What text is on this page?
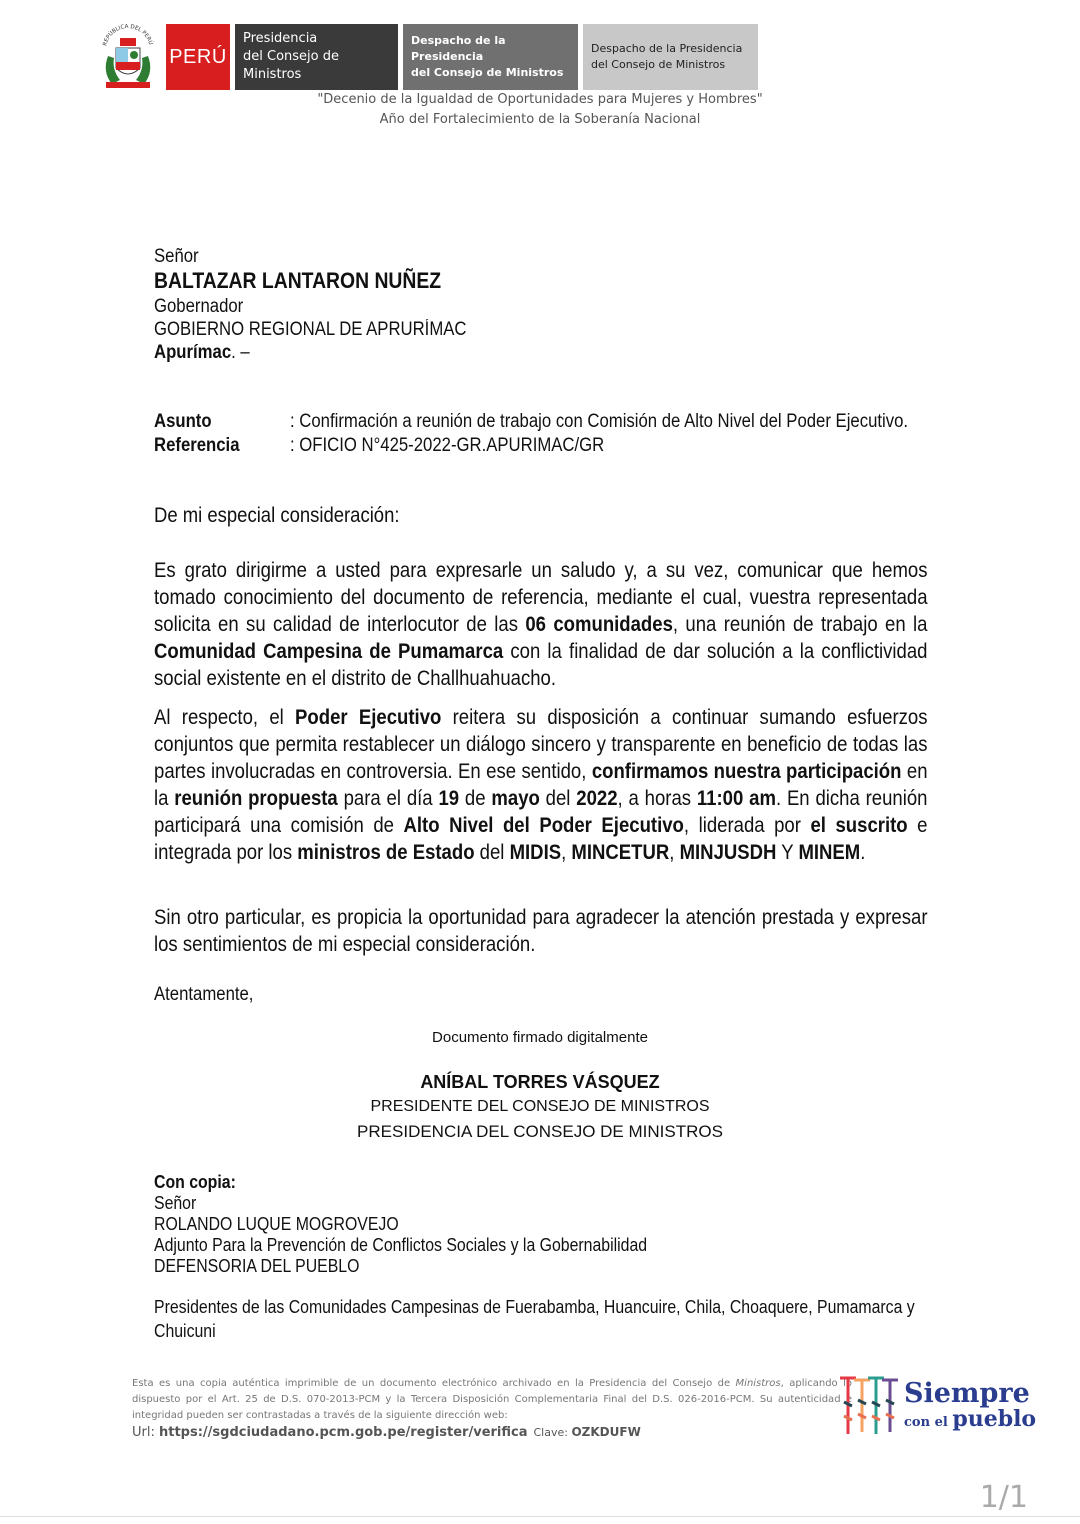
REPÚBLICA DEL PERÚ
PERÚ
Presidencia
del Consejo de Ministros
Despacho de la Presidencia
del Consejo de Ministros
Despacho de la Presidencia
del Consejo de Ministros
"Decenio de la Igualdad de Oportunidades para Mujeres y Hombres"
Año del Fortalecimiento de la Soberanía Nacional
Señor
BALTAZAR LANTARON NUÑEZ
Gobernador
GOBIERNO REGIONAL DE APRURÍMAC
Apurímac. –
Asunto	: Confirmación a reunión de trabajo con Comisión de Alto Nivel del Poder Ejecutivo.
Referencia	: OFICIO N°425-2022-GR.APURIMAC/GR
De mi especial consideración:
Es grato dirigirme a usted para expresarle un saludo y, a su vez, comunicar que hemos tomado conocimiento del documento de referencia, mediante el cual, vuestra representada solicita en su calidad de interlocutor de las 06 comunidades, una reunión de trabajo en la Comunidad Campesina de Pumamarca con la finalidad de dar solución a la conflictividad social existente en el distrito de Challhuahuacho.
Al respecto, el Poder Ejecutivo reitera su disposición a continuar sumando esfuerzos conjuntos que permita restablecer un diálogo sincero y transparente en beneficio de todas las partes involucradas en controversia. En ese sentido, confirmamos nuestra participación en la reunión propuesta para el día 19 de mayo del 2022, a horas 11:00 am. En dicha reunión participará una comisión de Alto Nivel del Poder Ejecutivo, liderada por el suscrito e integrada por los ministros de Estado del MIDIS, MINCETUR, MINJUSDH Y MINEM.
Sin otro particular, es propicia la oportunidad para agradecer la atención prestada y expresar los sentimientos de mi especial consideración.
Atentamente,
Documento firmado digitalmente
ANÍBAL TORRES VÁSQUEZ
PRESIDENTE DEL CONSEJO DE MINISTROS
PRESIDENCIA DEL CONSEJO DE MINISTROS
Con copia:
Señor
ROLANDO LUQUE MOGROVEJO
Adjunto Para la Prevención de Conflictos Sociales y la Gobernabilidad
DEFENSORIA DEL PUEBLO
Presidentes de las Comunidades Campesinas de Fuerabamba, Huancuire, Chila, Choaquere, Pumamarca y Chuicuni
Esta es una copia auténtica imprimible de un documento electrónico archivado en la Presidencia del Consejo de Ministros, aplicando lo dispuesto por el Art. 25 de D.S. 070-2013-PCM y la Tercera Disposición Complementaria Final del D.S. 026-2016-PCM. Su autenticidad e integridad pueden ser contrastadas a través de la siguiente dirección web:
Url: https://sgdciudadano.pcm.gob.pe/register/verifica Clave: OZKDUFW
Siempre
con el pueblo
1/1
